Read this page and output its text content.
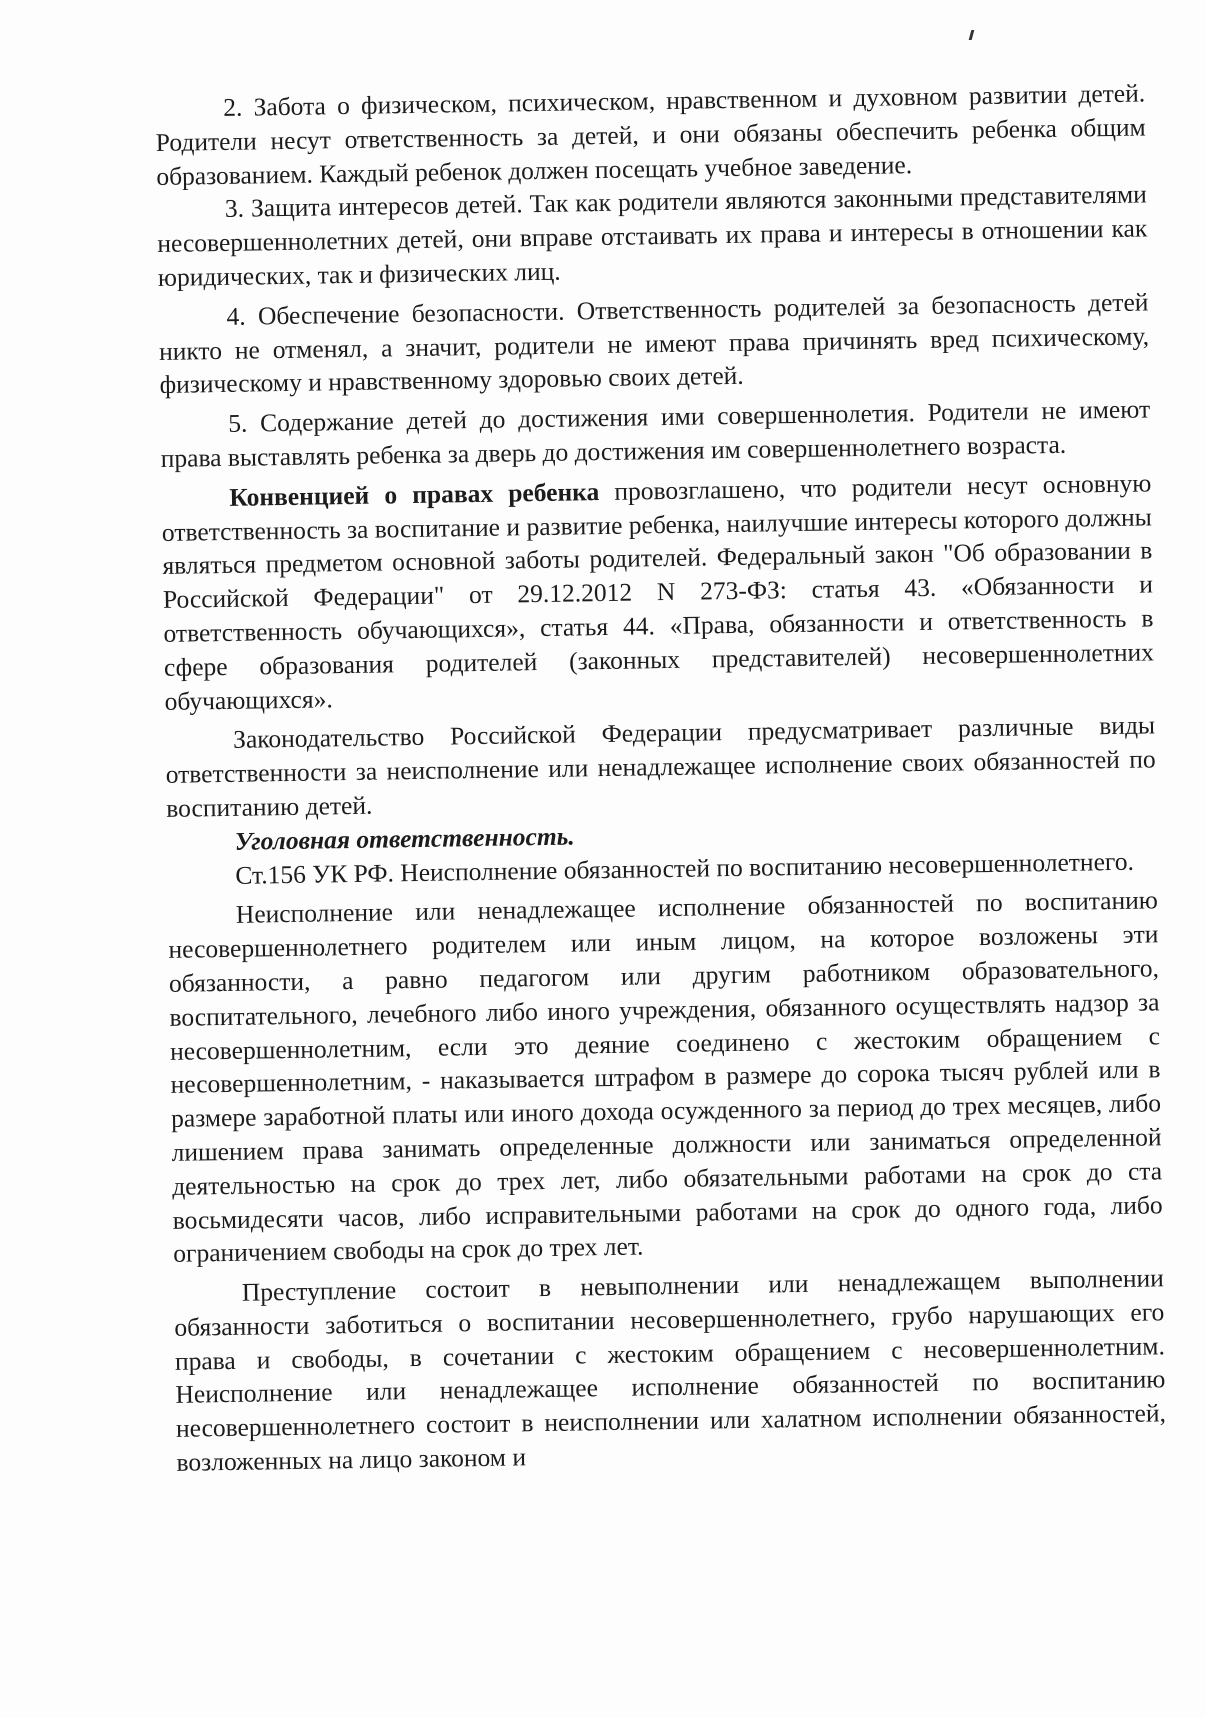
2. Забота о физическом, психическом, нравственном и духовном развитии детей. Родители несут ответственность за детей, и они обязаны обеспечить ребенка общим образованием. Каждый ребенок должен посещать учебное заведение.

3. Защита интересов детей. Так как родители являются законными представителями несовершеннолетних детей, они вправе отстаивать их права и интересы в отношении как юридических, так и физических лиц.

4. Обеспечение безопасности. Ответственность родителей за безопасность детей никто не отменял, а значит, родители не имеют права причинять вред психическому, физическому и нравственному здоровью своих детей.

5. Содержание детей до достижения ими совершеннолетия. Родители не имеют права выставлять ребенка за дверь до достижения им совершеннолетнего возраста.

Конвенцией о правах ребенка провозглашено, что родители несут основную ответственность за воспитание и развитие ребенка, наилучшие интересы которого должны являться предметом основной заботы родителей. Федеральный закон "Об образовании в Российской Федерации" от 29.12.2012 N 273-ФЗ: статья 43. «Обязанности и ответственность обучающихся», статья 44. «Права, обязанности и ответственность в сфере образования родителей (законных представителей) несовершеннолетних обучающихся».

Законодательство Российской Федерации предусматривает различные виды ответственности за неисполнение или ненадлежащее исполнение своих обязанностей по воспитанию детей.

Уголовная ответственность.

Ст.156 УК РФ. Неисполнение обязанностей по воспитанию несовершеннолетнего.

Неисполнение или ненадлежащее исполнение обязанностей по воспитанию несовершеннолетнего родителем или иным лицом, на которое возложены эти обязанности, а равно педагогом или другим работником образовательного, воспитательного, лечебного либо иного учреждения, обязанного осуществлять надзор за несовершеннолетним, если это деяние соединено с жестоким обращением с несовершеннолетним, - наказывается штрафом в размере до сорока тысяч рублей или в размере заработной платы или иного дохода осужденного за период до трех месяцев, либо лишением права занимать определенные должности или заниматься определенной деятельностью на срок до трех лет, либо обязательными работами на срок до ста восьмидесяти часов, либо исправительными работами на срок до одного года, либо ограничением свободы на срок до трех лет.

Преступление состоит в невыполнении или ненадлежащем выполнении обязанности заботиться о воспитании несовершеннолетнего, грубо нарушающих его права и свободы, в сочетании с жестоким обращением с несовершеннолетним. Неисполнение или ненадлежащее исполнение обязанностей по воспитанию несовершеннолетнего состоит в неисполнении или халатном исполнении обязанностей, возложенных на лицо законом и
